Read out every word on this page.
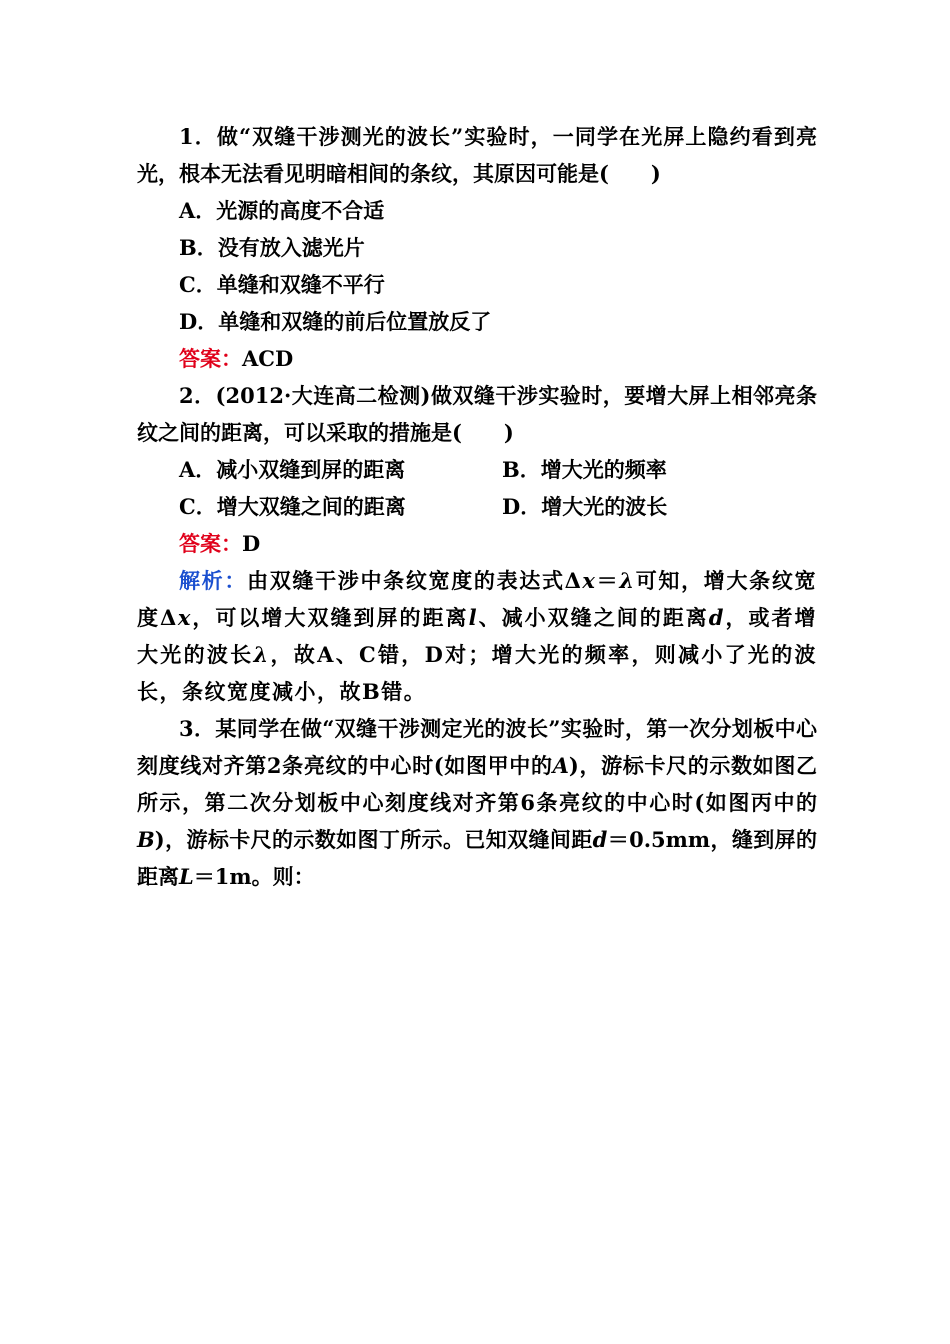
1．做“双缝干涉测光的波长”实验时，一同学在光屏上隐约看到亮光，根本无法看见明暗相间的条纹，其原因可能是(　　)

A．光源的高度不合适

B．没有放入滤光片

C．单缝和双缝不平行

D．单缝和双缝的前后位置放反了

答案：ACD

2．(2012·大连高二检测)做双缝干涉实验时，要增大屏上相邻亮条纹之间的距离，可以采取的措施是(　　)

A．减小双缝到屏的距离	B．增大光的频率
C．增大双缝之间的距离	D．增大光的波长

答案：D

解析：由双缝干涉中条纹宽度的表达式Δx＝λ可知，增大条纹宽度Δx，可以增大双缝到屏的距离l、减小双缝之间的距离d，或者增大光的波长λ，故A、C错，D对；增大光的频率，则减小了光的波长，条纹宽度减小，故B错。

3．某同学在做“双缝干涉测定光的波长”实验时，第一次分划板中心刻度线对齐第2条亮纹的中心时(如图甲中的A)，游标卡尺的示数如图乙所示，第二次分划板中心刻度线对齐第6条亮纹的中心时(如图丙中的B)，游标卡尺的示数如图丁所示。已知双缝间距d＝0.5mm，缝到屏的距离L＝1m。则：
